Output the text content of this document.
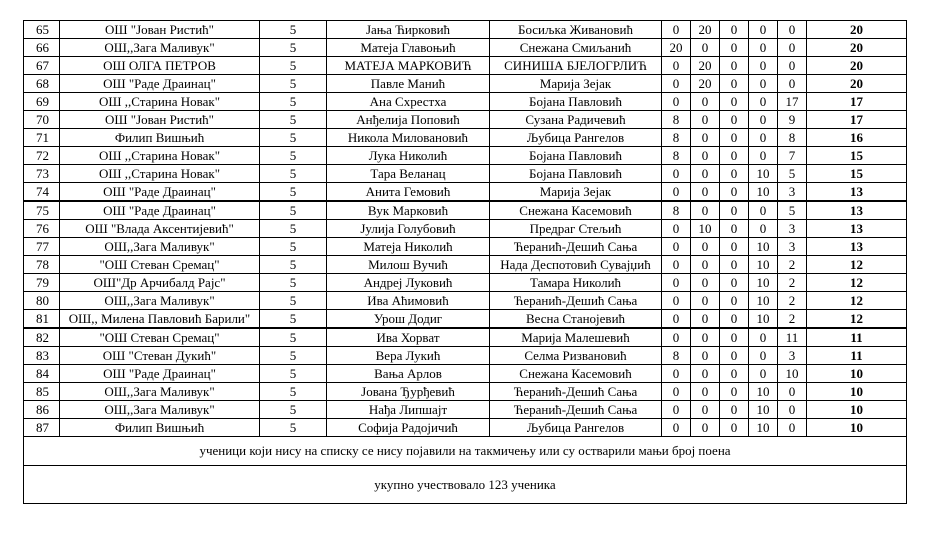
65	ОШ "Јован Ристић"	5	Јања Ћирковић	Босиљка Живановић	0	20	0	0	0	20
66	ОШ,,Зага Маливук"	5	Матеја Главоњић	Снежана Смиљанић	20	0	0	0	0	20
67	ОШ ОЛГА ПЕТРОВ	5	МАТЕЈА МАРКОВИЋ	СИНИША БЈЕЛОГРЛИЋ	0	20	0	0	0	20
68	ОШ "Раде Драинац"	5	Павле Манић	Марија Зејак	0	20	0	0	0	20
69	ОШ ,,Старина Новак"	5	Ана Схрестха	Бојана Павловић	0	0	0	0	17	17
70	ОШ "Јован Ристић"	5	Анђелија Поповић	Сузана Радичевић	8	0	0	0	9	17
71	Филип Вишњић	5	Никола Миловановић	Љубица Рангелов	8	0	0	0	8	16
72	ОШ ,,Старина Новак"	5	Лука Николић	Бојана Павловић	8	0	0	0	7	15
73	ОШ ,,Старина Новак"	5	Тара Веланац	Бојана Павловић	0	0	0	10	5	15
74	ОШ "Раде Драинац"	5	Анита Гемовић	Марија Зејак	0	0	0	10	3	13
75	ОШ "Раде Драинац"	5	Вук Марковић	Снежана Касемовић	8	0	0	0	5	13
76	ОШ "Влада Аксентијевић"	5	Јулија Голубовић	Предраг Стељић	0	10	0	0	3	13
77	ОШ,,Зага Маливук"	5	Матеја Николић	Ћеранић-Дешић Сања	0	0	0	10	3	13
78	"ОШ Стеван Сремац"	5	Милош Вучић	Нада Деспотовић Сувајџић	0	0	0	10	2	12
79	ОШ"Др Арчибалд Рајс"	5	Андреј Луковић	Тамара Николић	0	0	0	10	2	12
80	ОШ,,Зага Маливук"	5	Ива Аћимовић	Ћеранић-Дешић Сања	0	0	0	10	2	12
81	ОШ,, Милена Павловић Барили"	5	Урош Додиг	Весна Станојевић	0	0	0	10	2	12
82	"ОШ Стеван Сремац"	5	Ива Хорват	Марија Малешевић	0	0	0	0	11	11
83	ОШ "Стеван Дукић"	5	Вера Лукић	Селма Ризвановић	8	0	0	0	3	11
84	ОШ "Раде Драинац"	5	Вања Арлов	Снежана Касемовић	0	0	0	0	10	10
85	ОШ,,Зага Маливук"	5	Јована Ђурђевић	Ћеранић-Дешић Сања	0	0	0	10	0	10
86	ОШ,,Зага Маливук"	5	Нађа Липшајт	Ћеранић-Дешић Сања	0	0	0	10	0	10
87	Филип Вишњић	5	Софија Радојичић	Љубица Рангелов	0	0	0	10	0	10
ученици који нису на списку се нису појавили на такмичењу или су остварили мањи број поена										
укупно учествовало 123 ученика										
